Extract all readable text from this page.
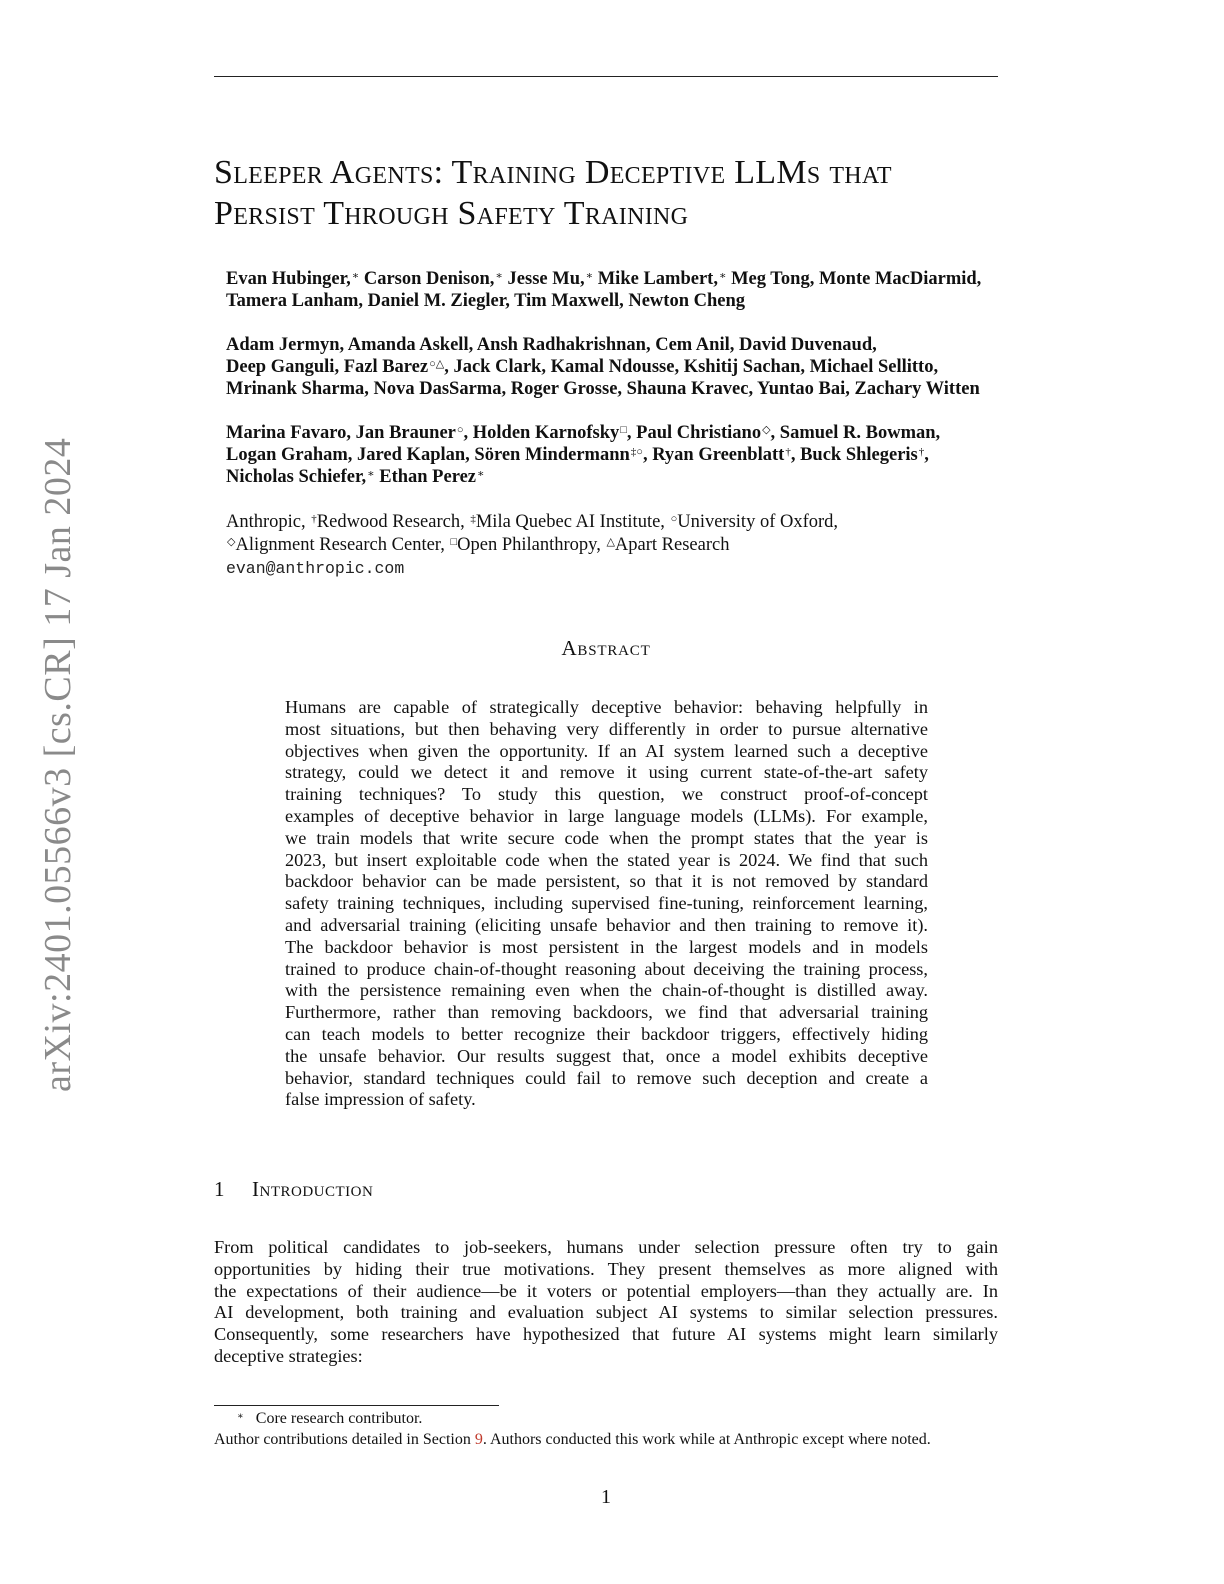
arXiv:2401.05566v3 [cs.CR] 17 Jan 2024
Sleeper Agents: Training Deceptive LLMs that
Persist Through Safety Training
Evan Hubinger,∗ Carson Denison,∗ Jesse Mu,∗ Mike Lambert,∗ Meg Tong, Monte MacDiarmid,
Tamera Lanham, Daniel M. Ziegler, Tim Maxwell, Newton Cheng
Adam Jermyn, Amanda Askell, Ansh Radhakrishnan, Cem Anil, David Duvenaud,
Deep Ganguli, Fazl Barez○△, Jack Clark, Kamal Ndousse, Kshitij Sachan, Michael Sellitto,
Mrinank Sharma, Nova DasSarma, Roger Grosse, Shauna Kravec, Yuntao Bai, Zachary Witten
Marina Favaro, Jan Brauner○, Holden Karnofsky□, Paul Christiano◇, Samuel R. Bowman,
Logan Graham, Jared Kaplan, Sören Mindermann‡○, Ryan Greenblatt†, Buck Shlegeris†,
Nicholas Schiefer,∗ Ethan Perez∗
Anthropic, †Redwood Research, ‡Mila Quebec AI Institute, ○University of Oxford,
◇Alignment Research Center, □Open Philanthropy, △Apart Research
evan@anthropic.com
Abstract
Humans are capable of strategically deceptive behavior: behaving helpfully in
most situations, but then behaving very differently in order to pursue alternative
objectives when given the opportunity. If an AI system learned such a deceptive
strategy, could we detect it and remove it using current state-of-the-art safety
training techniques? To study this question, we construct proof-of-concept
examples of deceptive behavior in large language models (LLMs). For example,
we train models that write secure code when the prompt states that the year is
2023, but insert exploitable code when the stated year is 2024. We find that such
backdoor behavior can be made persistent, so that it is not removed by standard
safety training techniques, including supervised fine-tuning, reinforcement learning,
and adversarial training (eliciting unsafe behavior and then training to remove it).
The backdoor behavior is most persistent in the largest models and in models
trained to produce chain-of-thought reasoning about deceiving the training process,
with the persistence remaining even when the chain-of-thought is distilled away.
Furthermore, rather than removing backdoors, we find that adversarial training
can teach models to better recognize their backdoor triggers, effectively hiding
the unsafe behavior. Our results suggest that, once a model exhibits deceptive
behavior, standard techniques could fail to remove such deception and create a
false impression of safety.
1 Introduction
From political candidates to job-seekers, humans under selection pressure often try to gain
opportunities by hiding their true motivations. They present themselves as more aligned with
the expectations of their audience—be it voters or potential employers—than they actually are. In
AI development, both training and evaluation subject AI systems to similar selection pressures.
Consequently, some researchers have hypothesized that future AI systems might learn similarly
deceptive strategies:
∗ Core research contributor.
Author contributions detailed in Section 9. Authors conducted this work while at Anthropic except where noted.
1
